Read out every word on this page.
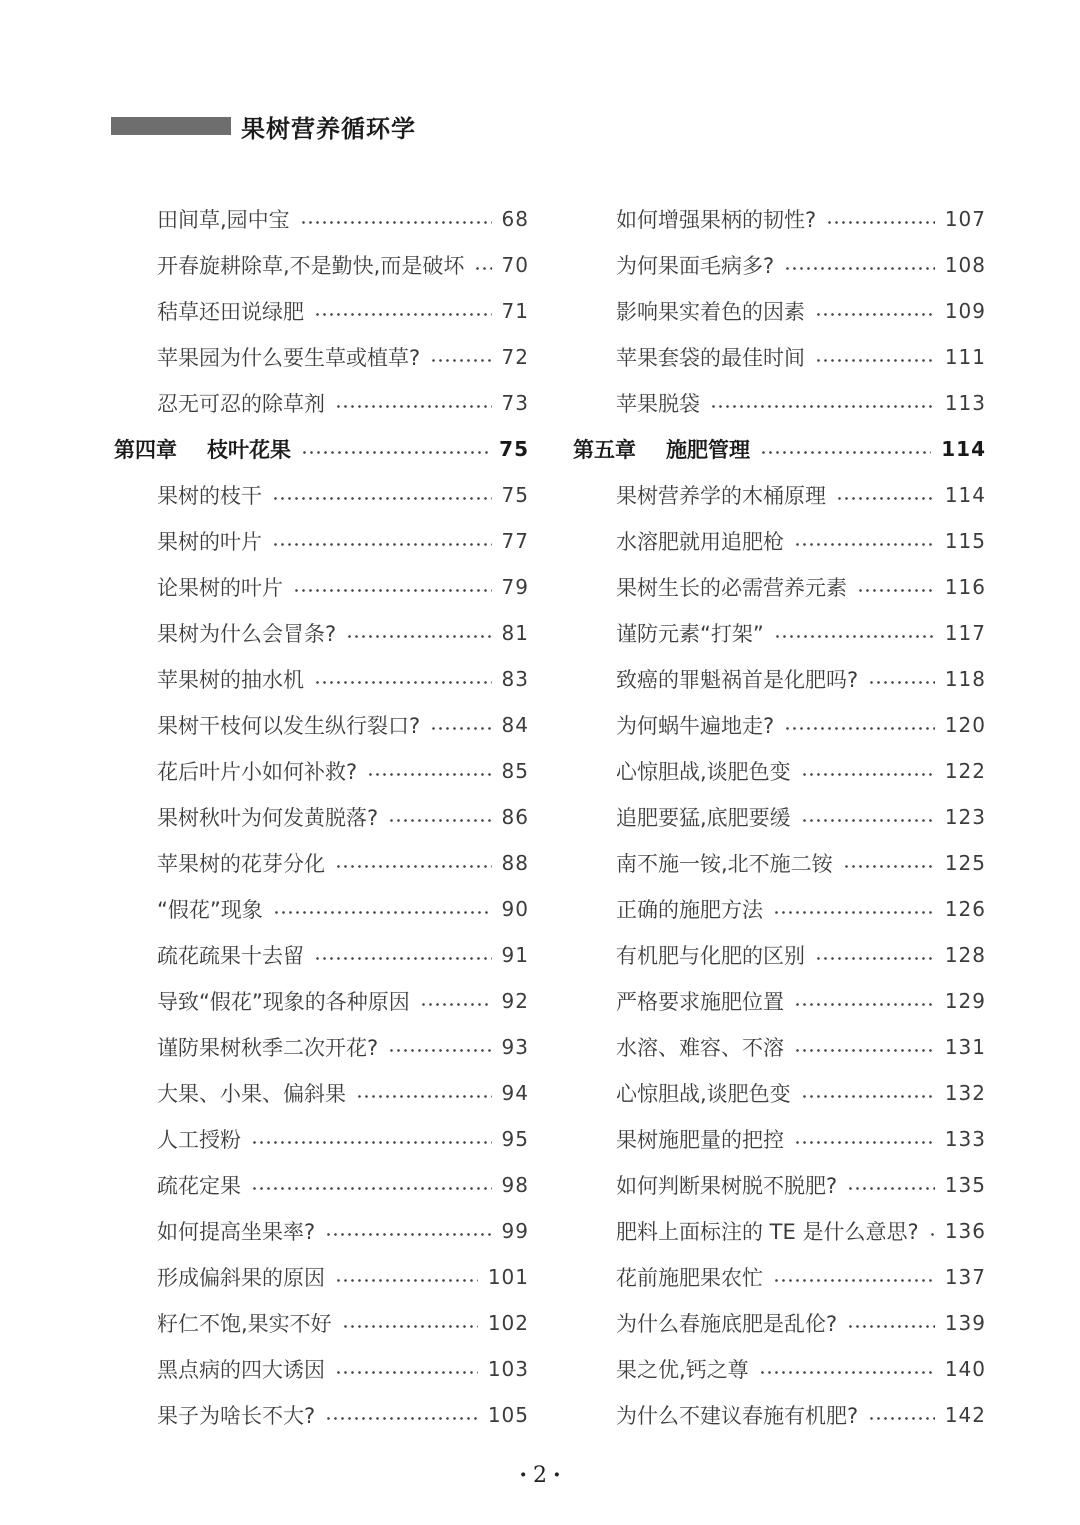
果树营养循环学
田间草,园中宝	68
开春旋耕除草,不是勤快,而是破坏 70
秸草还田说绿肥	71
苹果园为什么要生草或植草?	72
忍无可忍的除草剂	73
第四章 枝叶花果	75
果树的枝干	75
果树的叶片	77
论果树的叶片	79
果树为什么会冒条?	81
苹果树的抽水机	83
果树干枝何以发生纵行裂口?	84
花后叶片小如何补救?	85
果树秋叶为何发黄脱落?	86
苹果树的花芽分化	88
“假花”现象	90
疏花疏果十去留	91
导致“假花”现象的各种原因	92
谨防果树秋季二次开花?	93
大果、小果、偏斜果	94
人工授粉	95
疏花定果	98
如何提高坐果率?	99
形成偏斜果的原因	101
籽仁不饱,果实不好	102
黑点病的四大诱因	103
果子为啥长不大?	105
如何增强果柄的韧性?	107
为何果面毛病多?	108
影响果实着色的因素	109
苹果套袋的最佳时间	111
苹果脱袋	113
第五章 施肥管理	114
果树营养学的木桶原理	114
水溶肥就用追肥枪	115
果树生长的必需营养元素	116
谨防元素“打架”	117
致癌的罪魁祸首是化肥吗?	118
为何蜗牛遍地走?	120
心惊胆战,谈肥色变	122
追肥要猛,底肥要缓	123
南不施一铵,北不施二铵	125
正确的施肥方法	126
有机肥与化肥的区别	128
严格要求施肥位置	129
水溶、难容、不溶	131
心惊胆战,谈肥色变	132
果树施肥量的把控	133
如何判断果树脱不脱肥?	135
肥料上面标注的 TE 是什么意思? 136
花前施肥果农忙	137
为什么春施底肥是乱伦?	139
果之优,钙之尊	140
为什么不建议春施有机肥?	142
· 2 ·
